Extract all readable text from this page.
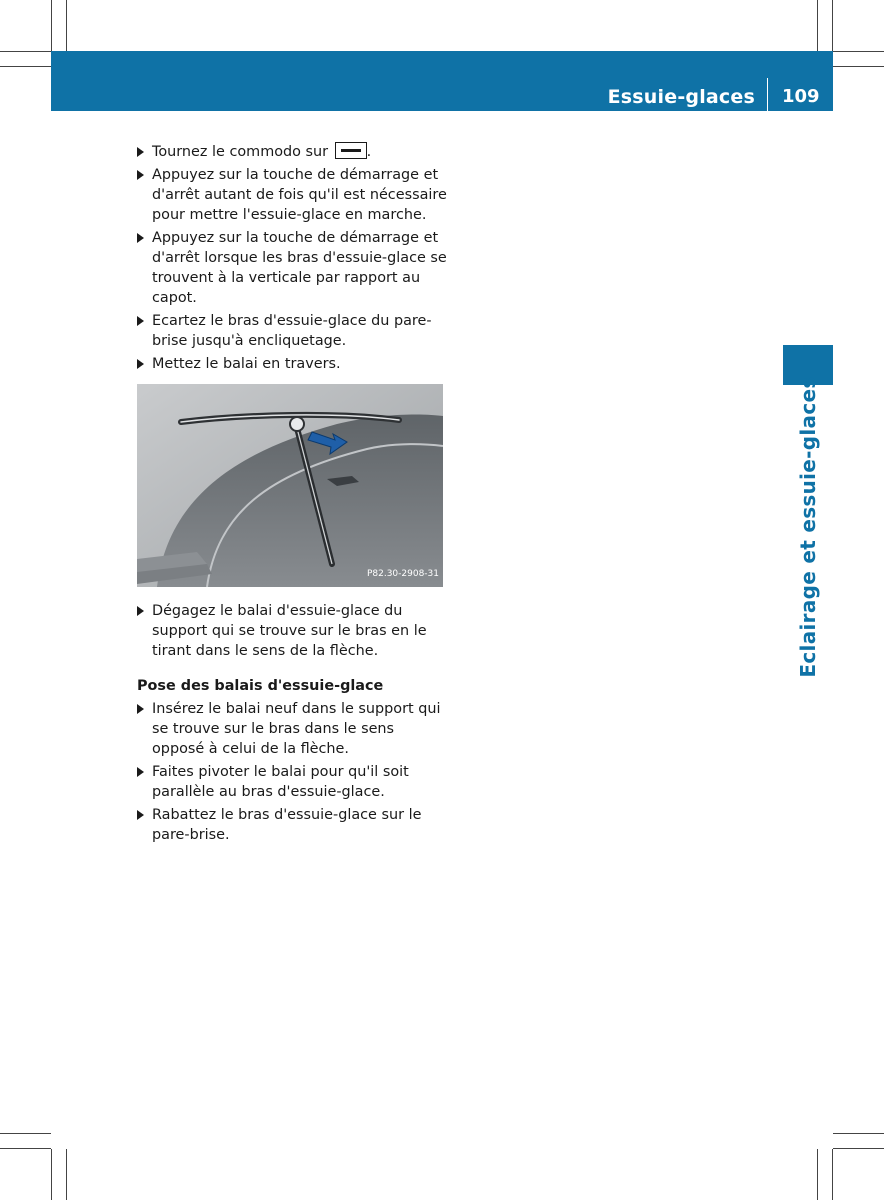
Essuie-glaces 109
Eclairage et essuie-glaces
Tournez le commodo sur	.
Appuyez sur la touche de démarrage et d'arrêt autant de fois qu'il est nécessaire pour mettre l'essuie-glace en marche.
Appuyez sur la touche de démarrage et d'arrêt lorsque les bras d'essuie-glace se trouvent à la verticale par rapport au capot.
Ecartez le bras d'essuie-glace du pare-brise jusqu'à encliquetage.
Mettez le balai en travers.
P82.30-2908-31
Dégagez le balai d'essuie-glace du support qui se trouve sur le bras en le tirant dans le sens de la flèche.
Pose des balais d'essuie-glace
Insérez le balai neuf dans le support qui se trouve sur le bras dans le sens opposé à celui de la flèche.
Faites pivoter le balai pour qu'il soit parallèle au bras d'essuie-glace.
Rabattez le bras d'essuie-glace sur le pare-brise.
